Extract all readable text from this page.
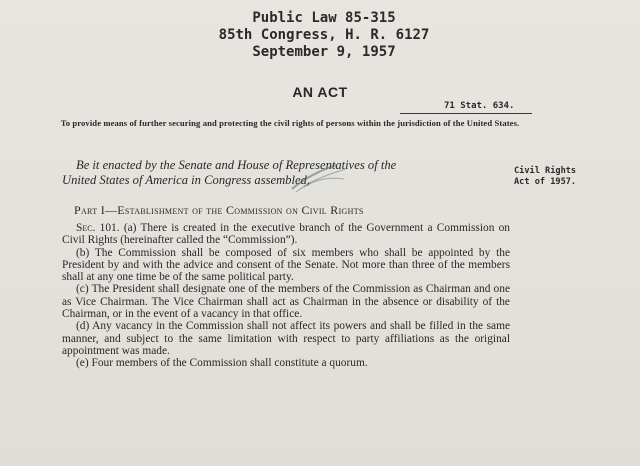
Public Law 85-315
85th Congress, H. R. 6127
September 9, 1957
AN ACT
71 Stat. 634.
To provide means of further securing and protecting the civil rights of persons within the jurisdiction of the United States.
Be it enacted by the Senate and House of Representatives of the
United States of America in Congress assembled,
Civil Rights
Act of 1957.
Part I—Establishment of the Commission on Civil Rights

Sec. 101. (a) There is created in the executive branch of the Government a Commission on Civil Rights (hereinafter called the “Commission”).

(b) The Commission shall be composed of six members who shall be appointed by the President by and with the advice and consent of the Senate. Not more than three of the members shall at any one time be of the same political party.

(c) The President shall designate one of the members of the Commission as Chairman and one as Vice Chairman. The Vice Chairman shall act as Chairman in the absence or disability of the Chairman, or in the event of a vacancy in that office.

(d) Any vacancy in the Commission shall not affect its powers and shall be filled in the same manner, and subject to the same limitation with respect to party affiliations as the original appointment was made.

(e) Four members of the Commission shall constitute a quorum.
